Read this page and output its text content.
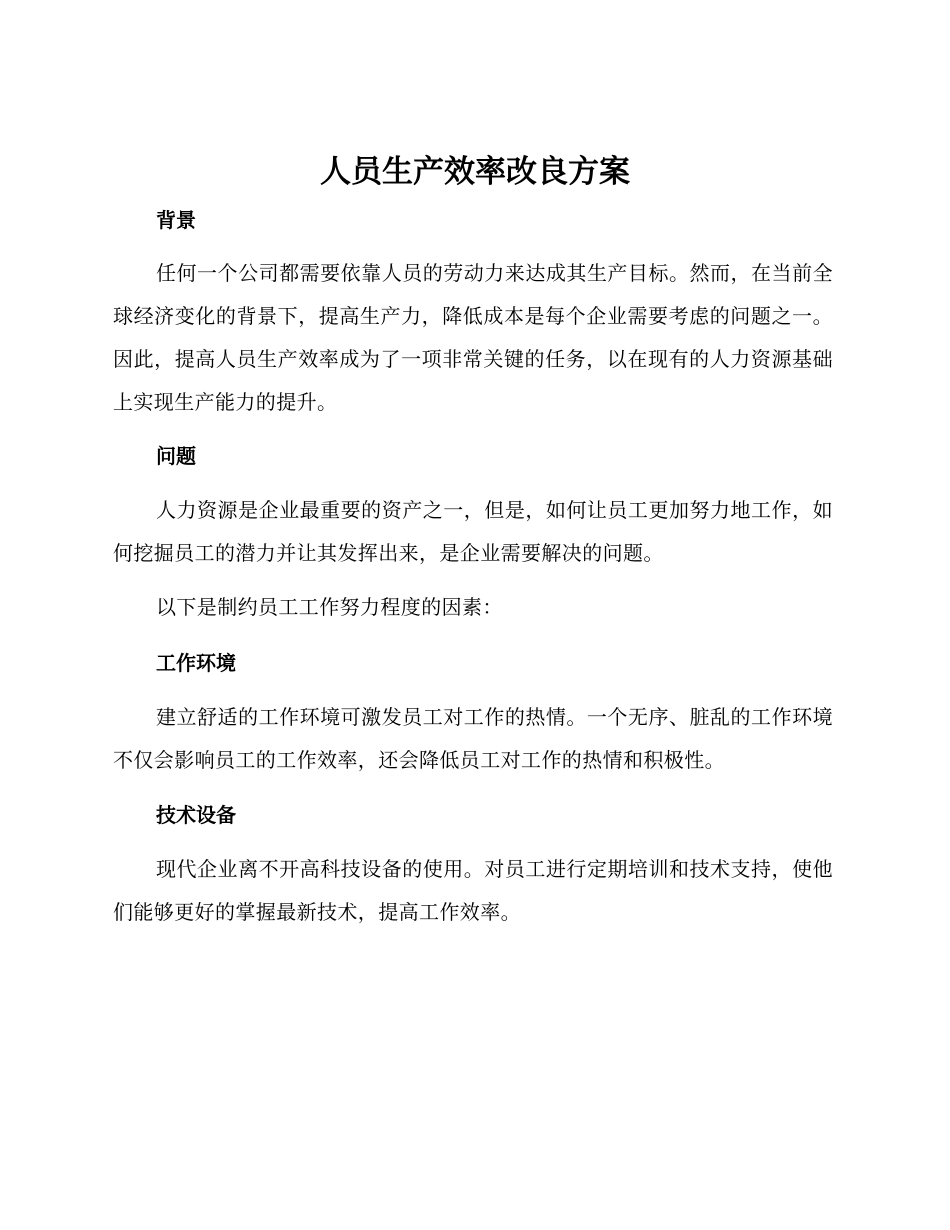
人员生产效率改良方案
背景

任何一个公司都需要依靠人员的劳动力来达成其生产目标。然而，在当前全球经济变化的背景下，提高生产力，降低成本是每个企业需要考虑的问题之一。因此，提高人员生产效率成为了一项非常关键的任务，以在现有的人力资源基础上实现生产能力的提升。

问题

人力资源是企业最重要的资产之一，但是，如何让员工更加努力地工作，如何挖掘员工的潜力并让其发挥出来，是企业需要解决的问题。

以下是制约员工工作努力程度的因素：

工作环境

建立舒适的工作环境可激发员工对工作的热情。一个无序、脏乱的工作环境不仅会影响员工的工作效率，还会降低员工对工作的热情和积极性。

技术设备

现代企业离不开高科技设备的使用。对员工进行定期培训和技术支持，使他们能够更好的掌握最新技术，提高工作效率。
